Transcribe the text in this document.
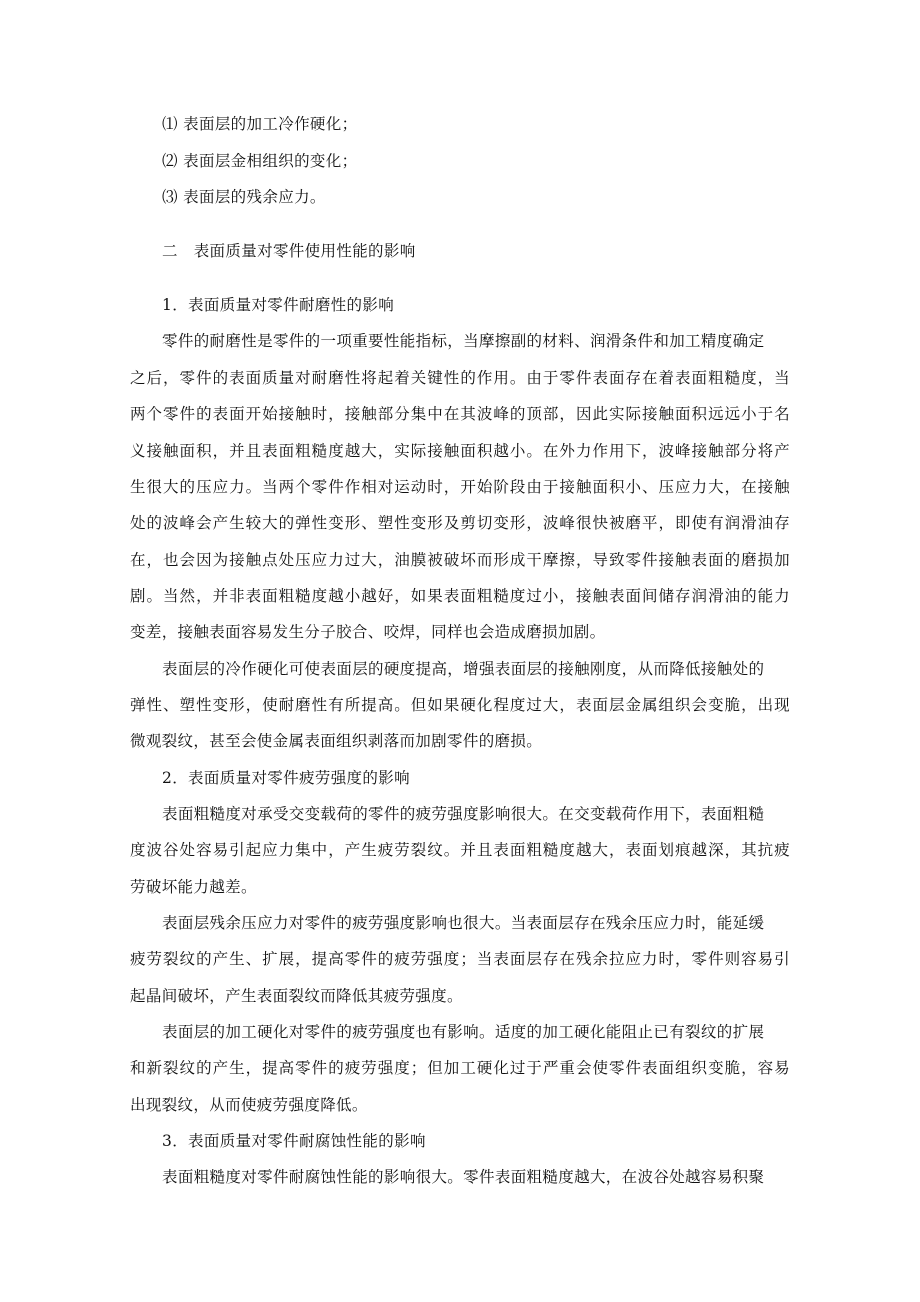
⑴ 表面层的加工冷作硬化；
⑵ 表面层金相组织的变化；
⑶ 表面层的残余应力。
二　表面质量对零件使用性能的影响
1．表面质量对零件耐磨性的影响
零件的耐磨性是零件的一项重要性能指标，当摩擦副的材料、润滑条件和加工精度确定
之后，零件的表面质量对耐磨性将起着关键性的作用。由于零件表面存在着表面粗糙度，当
两个零件的表面开始接触时，接触部分集中在其波峰的顶部，因此实际接触面积远远小于名
义接触面积，并且表面粗糙度越大，实际接触面积越小。在外力作用下，波峰接触部分将产
生很大的压应力。当两个零件作相对运动时，开始阶段由于接触面积小、压应力大，在接触
处的波峰会产生较大的弹性变形、塑性变形及剪切变形，波峰很快被磨平，即使有润滑油存
在，也会因为接触点处压应力过大，油膜被破坏而形成干摩擦，导致零件接触表面的磨损加
剧。当然，并非表面粗糙度越小越好，如果表面粗糙度过小，接触表面间储存润滑油的能力
变差，接触表面容易发生分子胶合、咬焊，同样也会造成磨损加剧。
表面层的冷作硬化可使表面层的硬度提高，增强表面层的接触刚度，从而降低接触处的
弹性、塑性变形，使耐磨性有所提高。但如果硬化程度过大，表面层金属组织会变脆，出现
微观裂纹，甚至会使金属表面组织剥落而加剧零件的磨损。
2．表面质量对零件疲劳强度的影响
表面粗糙度对承受交变载荷的零件的疲劳强度影响很大。在交变载荷作用下，表面粗糙
度波谷处容易引起应力集中，产生疲劳裂纹。并且表面粗糙度越大，表面划痕越深，其抗疲
劳破坏能力越差。
表面层残余压应力对零件的疲劳强度影响也很大。当表面层存在残余压应力时，能延缓
疲劳裂纹的产生、扩展，提高零件的疲劳强度；当表面层存在残余拉应力时，零件则容易引
起晶间破坏，产生表面裂纹而降低其疲劳强度。
表面层的加工硬化对零件的疲劳强度也有影响。适度的加工硬化能阻止已有裂纹的扩展
和新裂纹的产生，提高零件的疲劳强度；但加工硬化过于严重会使零件表面组织变脆，容易
出现裂纹，从而使疲劳强度降低。
3．表面质量对零件耐腐蚀性能的影响
表面粗糙度对零件耐腐蚀性能的影响很大。零件表面粗糙度越大，在波谷处越容易积聚
